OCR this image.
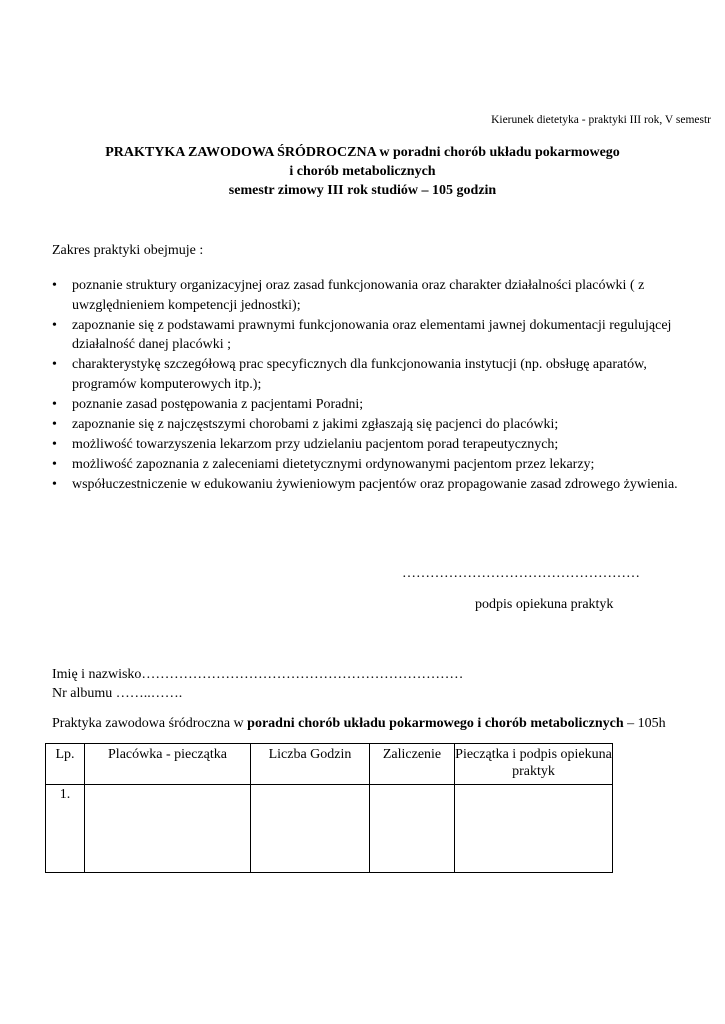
Kierunek dietetyka - praktyki III rok, V semestr
PRAKTYKA ZAWODOWA ŚRÓDROCZNA w poradni chorób układu pokarmowego
i chorób metabolicznych
semestr zimowy III rok studiów – 105 godzin
Zakres praktyki obejmuje :
• poznanie struktury organizacyjnej oraz zasad funkcjonowania oraz charakter działalności placówki ( z uwzględnieniem kompetencji jednostki);
• zapoznanie się z podstawami prawnymi funkcjonowania oraz elementami jawnej dokumentacji regulującej działalność danej placówki ;
• charakterystykę szczegółową prac specyficznych dla funkcjonowania instytucji (np. obsługę aparatów, programów komputerowych itp.);
• poznanie zasad postępowania z pacjentami Poradni;
• zapoznanie się z najczęstszymi chorobami z jakimi zgłaszają się pacjenci do placówki;
• możliwość towarzyszenia lekarzom przy udzielaniu pacjentom porad terapeutycznych;
• możliwość zapoznania z zaleceniami dietetycznymi ordynowanymi pacjentom przez lekarzy;
• współuczestniczenie w edukowaniu żywieniowym pacjentów oraz propagowanie zasad zdrowego żywienia.
……………………………………………
podpis opiekuna praktyk
Imię i nazwisko……………………………………………………………
Nr albumu ……..…….
Praktyka zawodowa śródroczna w poradni chorób układu pokarmowego i chorób metabolicznych – 105h
Lp.	Placówka - pieczątka	Liczba Godzin	Zaliczenie	Pieczątka i podpis opiekuna praktyk
1.				
